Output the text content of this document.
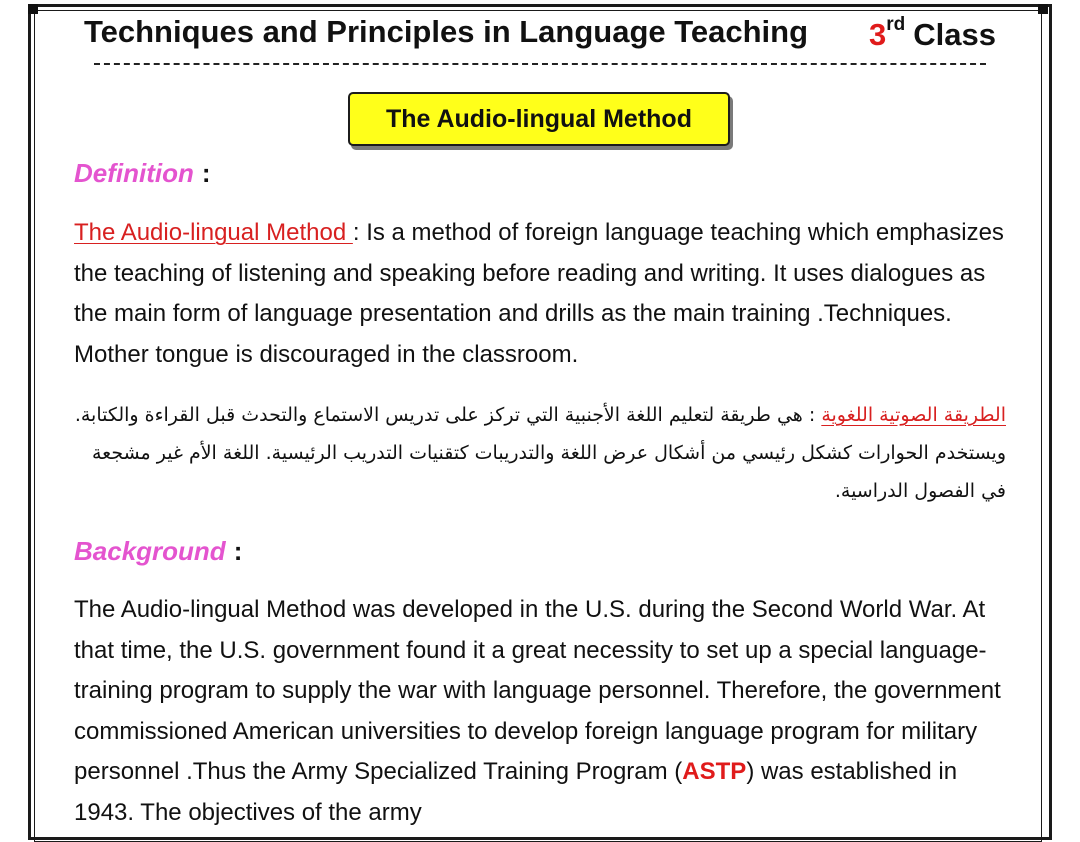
Techniques and Principles in Language Teaching 3rd Class
The Audio-lingual Method
Definition :
The Audio-lingual Method : Is a method of foreign language teaching which emphasizes the teaching of listening and speaking before reading and writing. It uses dialogues as the main form of language presentation and drills as the main training .Techniques. Mother tongue is discouraged in the classroom.
الطريقة الصوتية اللغوية : هي طريقة لتعليم اللغة الأجنبية التي تركز على تدريس الاستماع والتحدث قبل القراءة والكتابة. ويستخدم الحوارات كشكل رئيسي من أشكال عرض اللغة والتدريبات كتقنيات التدريب الرئيسية. اللغة الأم غير مشجعة في الفصول الدراسية.
Background :
The Audio-lingual Method was developed in the U.S. during the Second World War. At that time, the U.S. government found it a great necessity to set up a special language-training program to supply the war with language personnel. Therefore, the government commissioned American universities to develop foreign language program for military personnel .Thus the Army Specialized Training Program (ASTP) was established in 1943. The objectives of the army
